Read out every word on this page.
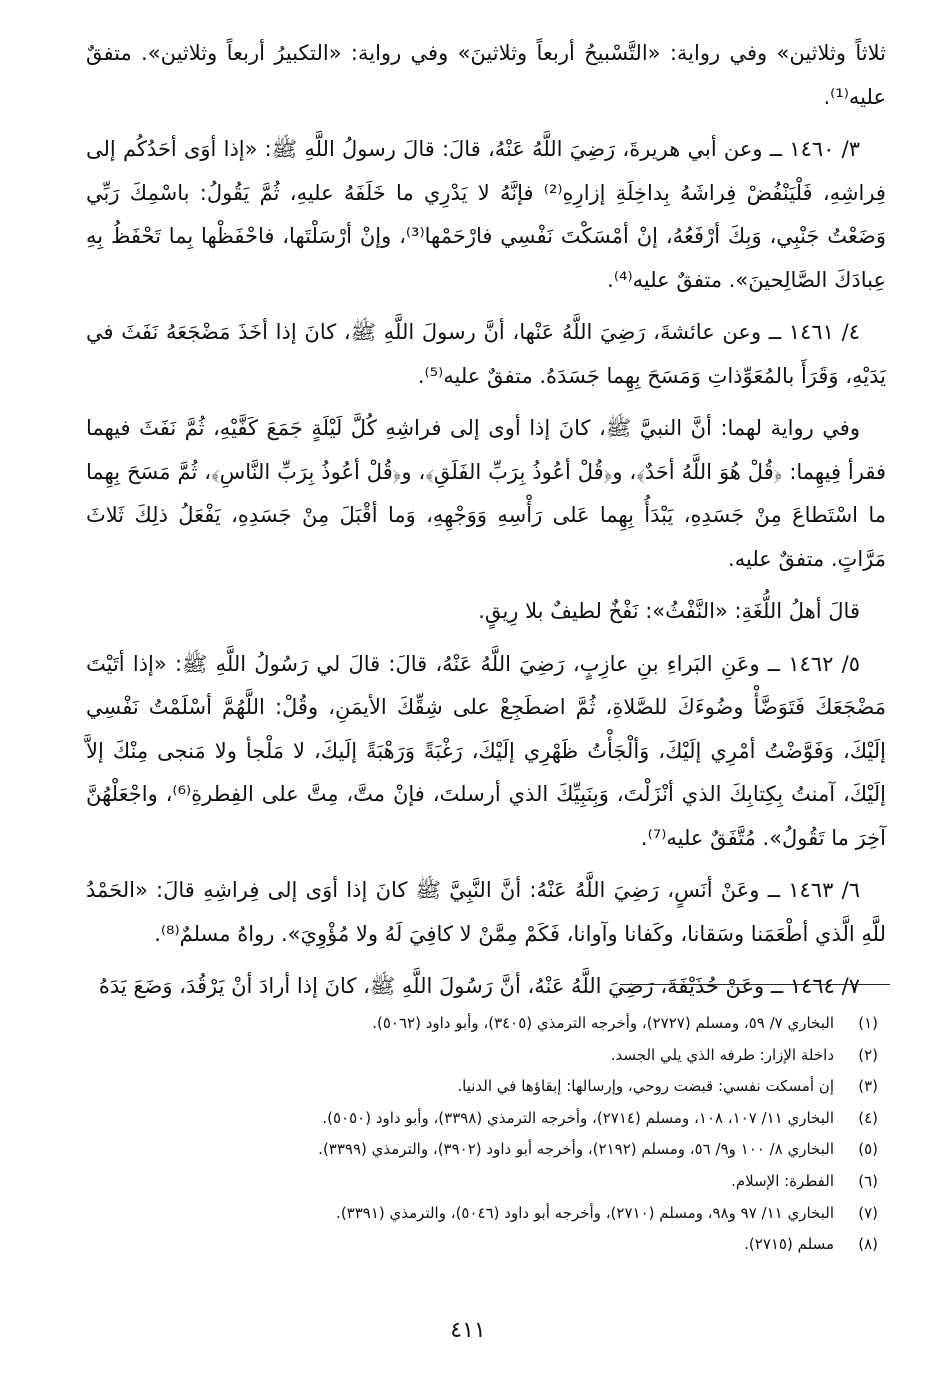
ثلاثاً وثلاثين» وفي رواية: «التَّسْبيحُ أربعاً وثلاثينَ» وفي رواية: «التكبيرُ أربعاً وثلاثين». متفقٌ عليه⁽¹⁾.

٣/ ١٤٦٠ ــ وعن أبي هريرةَ، رَضِيَ اللَّهُ عَنْهُ، قالَ: قالَ رسولُ اللَّهِ ﷺ: «إذا أوَى أحَدُكُم إلى فِراشِهِ، فَلْيَنْفُضْ فِراشَهُ بِداخِلَةِ إزارِهِ⁽²⁾ فإنَّهُ لا يَدْرِي ما خَلَفَهُ عليهِ، ثُمَّ يَقُولُ: باسْمِكَ رَبِّي وَضَعْتُ جَنْبِي، وَبِكَ أرْفَعُهُ، إنْ أمْسَكْتَ نَفْسِي فارْحَمْها⁽³⁾، وإنْ أرْسَلْتَها، فاحْفَظْها بِما تَحْفَظُ بِهِ عِبادَكَ الصَّالِحينَ». متفقٌ عليه⁽⁴⁾.

٤/ ١٤٦١ ــ وعن عائشةَ، رَضِيَ اللَّهُ عَنْها، أنَّ رسولَ اللَّهِ ﷺ، كانَ إذا أخَذَ مَضْجَعَهُ نَفَثَ في يَدَيْهِ، وَقَرَأَ بالمُعَوِّذاتِ وَمَسَحَ بِهِما جَسَدَهُ. متفقٌ عليه⁽⁵⁾.

وفي رواية لهما: أنَّ النبيَّ ﷺ، كانَ إذا أوى إلى فراشِهِ كُلَّ لَيْلَةٍ جَمَعَ كَفَّيْهِ، ثُمَّ نَفَثَ فيهما فقرأ فِيهِما: ﴿قُلْ هُوَ اللَّهُ أحَدٌ﴾، و﴿قُلْ أعُوذُ بِرَبِّ الفَلَقِ﴾، و﴿قُلْ أعُوذُ بِرَبِّ النَّاسِ﴾، ثُمَّ مَسَحَ بِهِما ما اسْتَطاعَ مِنْ جَسَدِهِ، يَبْدَأُ بِهِما عَلى رَأْسِهِ وَوَجْهِهِ، وَما أقْبَلَ مِنْ جَسَدِهِ، يَفْعَلُ ذلِكَ ثَلاثَ مَرَّاتٍ. متفقٌ عليه.

قالَ أهلُ اللُّغَةِ: «النَّفْثُ»: نَفْخٌ لطيفٌ بلا رِيقٍ.

٥/ ١٤٦٢ ــ وعَنِ البَراءِ بنِ عازِبٍ، رَضِيَ اللَّهُ عَنْهُ، قالَ: قالَ لي رَسُولُ اللَّهِ ﷺ: «إذا أتَيْتَ مَضْجَعَكَ فَتَوَضَّأْ وضُوءَكَ للصَّلاةِ، ثُمَّ اضطَجِعْ على شِقِّكَ الأيمَنِ، وقُلْ: اللَّهُمَّ أسْلَمْتُ نَفْسِي إلَيْكَ، وَفَوَّضْتُ أمْرِي إلَيْكَ، وَألْجَأْتُ ظَهْرِي إلَيْكَ، رَغْبَةً وَرَهْبَةً إلَيكَ، لا مَلْجأ ولا مَنجى مِنْكَ إلاَّ إلَيْكَ، آمنتُ بِكِتابِكَ الذي أنْزَلْتَ، وَبِنَبِيِّكَ الذي أرسلتَ، فإنْ متَّ، مِتَّ على الفِطرةِ⁽⁶⁾، واجْعَلْهُنَّ آخِرَ ما تَقُولُ». مُتَّفَقٌ عليه⁽⁷⁾.

٦/ ١٤٦٣ ــ وعَنْ أنَسٍ، رَضِيَ اللَّهُ عَنْهُ: أنَّ النَّبِيَّ ﷺ كانَ إذا أوَى إلى فِراشِهِ قالَ: «الحَمْدُ للَّهِ الَّذي أطْعَمَنا وسَقانا، وكَفانا وآوانا، فَكَمْ مِمَّنْ لا كافِيَ لَهُ ولا مُؤْوِيَ». رواهُ مسلمٌ⁽⁸⁾.

٧/ ١٤٦٤ ــ وعَنْ حُذَيْفَةَ، رَضِيَ اللَّهُ عَنْهُ، أنَّ رَسُولَ اللَّهِ ﷺ، كانَ إذا أرادَ أنْ يَرْقُدَ، وَضَعَ يَدَهُ

(١)
البخاري ٧/ ٥٩، ومسلم (٢٧٢٧)، وأخرجه الترمذي (٣٤٠٥)، وأبو داود (٥٠٦٢).
(٢)
داخلة الإزار: طرفه الذي يلي الجسد.
(٣)
إن أمسكت نفسي: قبضت روحي، وإرسالها: إبقاؤها في الدنيا.
(٤)
البخاري ١١/ ١٠٧، ١٠٨، ومسلم (٢٧١٤)، وأخرجه الترمذي (٣٣٩٨)، وأبو داود (٥٠٥٠).
(٥)
البخاري ٨/ ١٠٠ و٩/ ٥٦، ومسلم (٢١٩٢)، وأخرجه أبو داود (٣٩٠٢)، والترمذي (٣٣٩٩).
(٦)
الفطرة: الإسلام.
(٧)
البخاري ١١/ ٩٧ و٩٨، ومسلم (٢٧١٠)، وأخرجه أبو داود (٥٠٤٦)، والترمذي (٣٣٩١).
(٨)
مسلم (٢٧١٥).
٤١١
